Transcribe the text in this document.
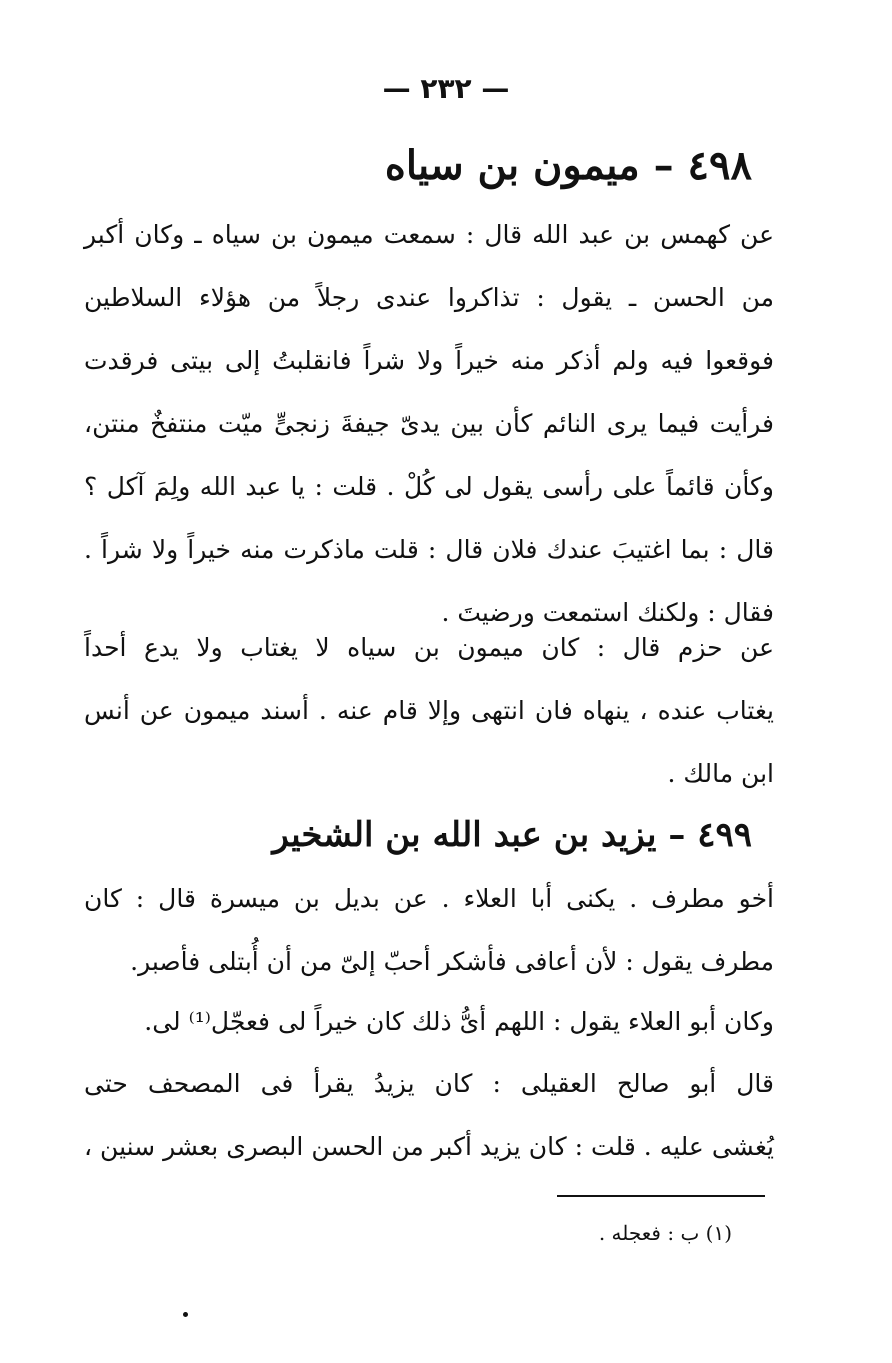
— ٢٣٢ —
٤٩٨ – ميمون بن سياه
عن كهمس بن عبد الله قال : سمعت ميمون بن سياه ـ وكان أكبر
من الحسن ـ يقول : تذاكروا عندى رجلاً من هؤلاء السلاطين
فوقعوا فيه ولم أذكر منه خيراً ولا شراً فانقلبتُ إلى بيتى فرقدت
فرأيت فيما يرى النائم كأن بين يدىّ جيفةَ زنجىٍّ ميّت منتفخٌ منتن،
وكأن قائماً على رأسى يقول لى كُلْ . قلت : يا عبد الله ولِمَ آكل ؟
قال : بما اغتيبَ عندك فلان قال : قلت ماذكرت منه خيراً ولا شراً .
فقال : ولكنك استمعت ورضيتَ .
عن حزم قال : كان ميمون بن سياه لا يغتاب ولا يدع أحداً
يغتاب عنده ، ينهاه فان انتهى وإلا قام عنه . أسند ميمون عن أنس
ابن مالك .
٤٩٩ – يزيد بن عبد الله بن الشخير
أخو مطرف . يكنى أبا العلاء . عن بديل بن ميسرة قال : كان
مطرف يقول : لأن أعافى فأشكر أحبّ إلىّ من أن أُبتلى فأصبر.
وكان أبو العلاء يقول : اللهم أىُّ ذلك كان خيراً لى فعجّل⁽¹⁾ لى.
قال أبو صالح العقيلى : كان يزيدُ يقرأ فى المصحف حتى
يُغشى عليه . قلت : كان يزيد أكبر من الحسن البصرى بعشر سنين ،
(١) ب : فعجله .
